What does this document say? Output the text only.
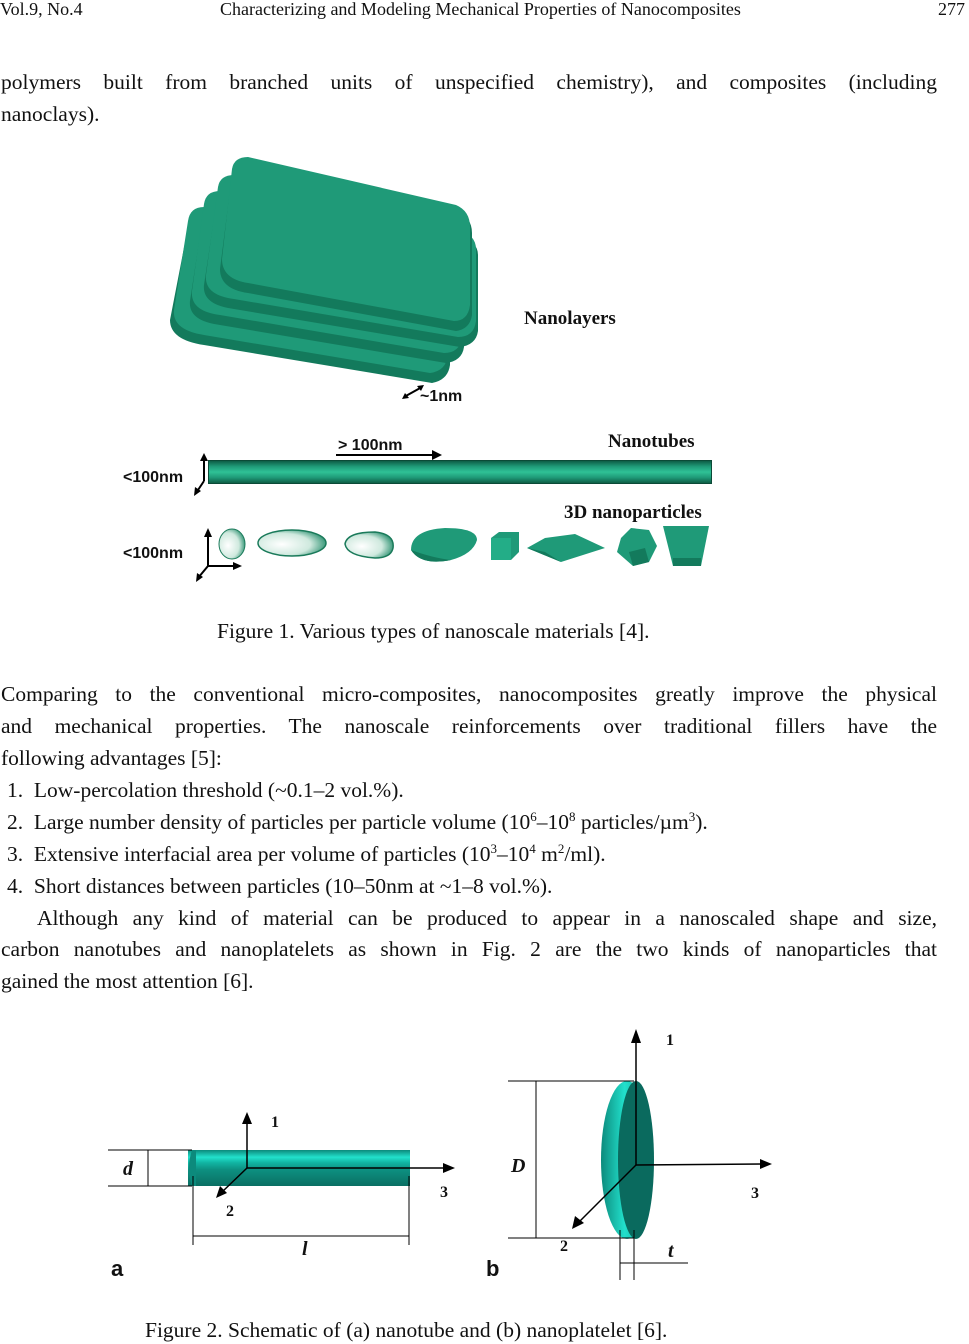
Vol.9, No.4	Characterizing and Modeling Mechanical Properties of Nanocomposites	277
polymers built from branched units of unspecified chemistry), and composites (including
nanoclays).
Nanolayers
~1nm
> 100nm	Nanotubes
<100nm
3D nanoparticles
<100nm
Figure 1. Various types of nanoscale materials [4].
Comparing to the conventional micro-composites, nanocomposites greatly improve the physical
and mechanical properties. The nanoscale reinforcements over traditional fillers have the
following advantages [5]:
1. Low-percolation threshold (~0.1–2 vol.%).
2. Large number density of particles per particle volume ($10^6-10^8$ particles/µm$^3$).
3. Extensive interfacial area per volume of particles ($10^3-10^4$ $m^2/ml$).
4. Short distances between particles (10–50nm at ~1–8 vol.%).
Although any kind of material can be produced to appear in a nanoscaled shape and size,
carbon nanotubes and nanoplatelets as shown in Fig. 2 are the two kinds of nanoparticles that
gained the most attention [6].
1
2
3
d
l
a
1
2
3
D
t
b
Figure 2. Schematic of (a) nanotube and (b) nanoplatelet [6].
